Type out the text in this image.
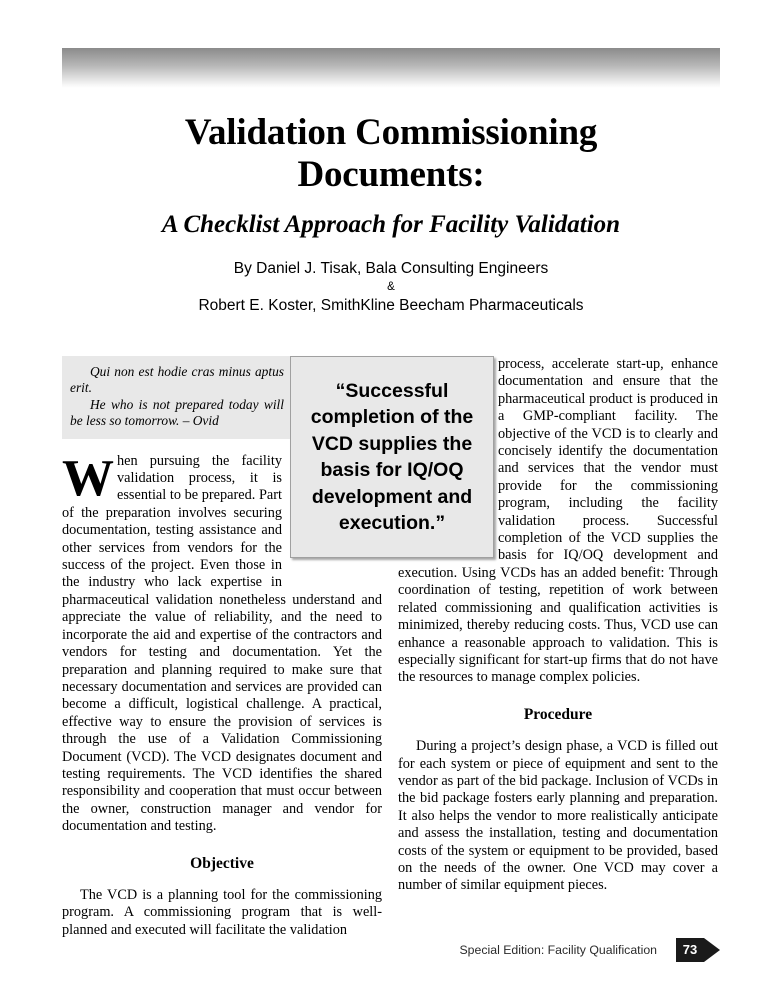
Validation Commissioning
Documents:
A Checklist Approach for Facility Validation
By Daniel J. Tisak, Bala Consulting Engineers
&
Robert E. Koster, SmithKline Beecham Pharmaceuticals
“Successful completion of the VCD supplies the basis for IQ/OQ development and execution.”

Qui non est hodie cras minus aptus erit.

He who is not prepared today will be less so tomorrow. – Ovid

When pursuing the facility validation process, it is essential to be prepared. Part of the preparation involves securing documentation, testing assistance and other services from vendors for the success of the project. Even those in the industry who lack expertise in pharmaceutical validation nonetheless understand and appreciate the value of reliability, and the need to incorporate the aid and expertise of the contractors and vendors for testing and documentation. Yet the preparation and planning required to make sure that necessary documentation and services are provided can become a difficult, logistical challenge. A practical, effective way to ensure the provision of services is through the use of a Validation Commissioning Document (VCD). The VCD designates document and testing requirements. The VCD identifies the shared responsibility and cooperation that must occur between the owner, construction manager and vendor for documentation and testing.

Objective

The VCD is a planning tool for the commissioning program. A commissioning program that is well-planned and executed will facilitate the validation

process, accelerate start-up, enhance documentation and ensure that the pharmaceutical product is produced in a GMP-compliant facility. The objective of the VCD is to clearly and concisely identify the documentation and services that the vendor must provide for the commissioning program, including the facility validation process. Successful completion of the VCD supplies the basis for IQ/OQ development and execution. Using VCDs has an added benefit: Through coordination of testing, repetition of work between related commissioning and qualification activities is minimized, thereby reducing costs. Thus, VCD use can enhance a reasonable approach to validation. This is especially significant for start-up firms that do not have the resources to manage complex policies.

Procedure

During a project’s design phase, a VCD is filled out for each system or piece of equipment and sent to the vendor as part of the bid package. Inclusion of VCDs in the bid package fosters early planning and preparation. It also helps the vendor to more realistically anticipate and assess the installation, testing and documentation costs of the system or equipment to be provided, based on the needs of the owner. One VCD may cover a number of similar equipment pieces.

Special Edition: Facility Qualification	73
